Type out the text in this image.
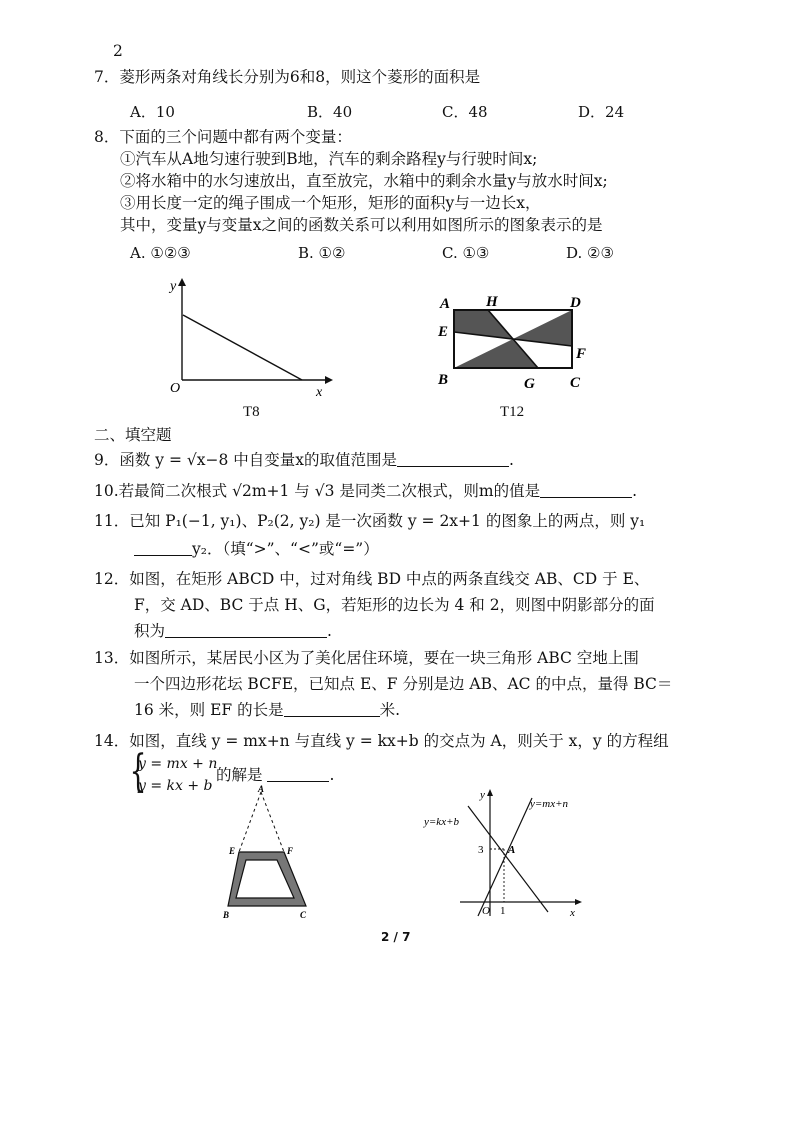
2
7．菱形两条对角线长分别为6和8，则这个菱形的面积是
A．10	B．40	C．48	D．24
8．下面的三个问题中都有两个变量：
①汽车从A地匀速行驶到B地，汽车的剩余路程y与行驶时间x;
②将水箱中的水匀速放出，直至放完，水箱中的剩余水量y与放水时间x;
③用长度一定的绳子围成一个矩形，矩形的面积y与一边长x，
其中，变量y与变量x之间的函数关系可以利用如图所示的图象表示的是
A. ①②③	B. ①②	C. ①③	D. ②③
y
x
O
T8
A H	D
E
F
B	G C
T12
二、填空题
9．函数 y = √x−8 中自变量x的取值范围是	.
10.若最简二次根式 √2m+1 与 √3 是同类二次根式，则m的值是	.
11．已知 P₁(−1, y₁)、P₂(2, y₂) 是一次函数 y = 2x+1 的图象上的两点，则 y₁
y₂．（填“>”、“<”或“=”）
12．如图，在矩形 ABCD 中，过对角线 BD 中点的两条直线交 AB、CD 于 E、
F，交 AD、BC 于点 H、G，若矩形的边长为 4 和 2，则图中阴影部分的面
积为	.
13．如图所示，某居民小区为了美化居住环境，要在一块三角形 ABC 空地上围
一个四边形花坛 BCFE，已知点 E、F 分别是边 AB、AC 的中点，量得 BC＝
16 米，则 EF 的长是	米.
14．如图，直线 y = mx+n 与直线 y = kx+b 的交点为 A，则关于 x，y 的方程组
{
y = mx + n
y = kx + b
的解是	.
A
E	F
B	C
y
x
O 1
3 A
y=mx+n
y=kx+b
2 / 7
